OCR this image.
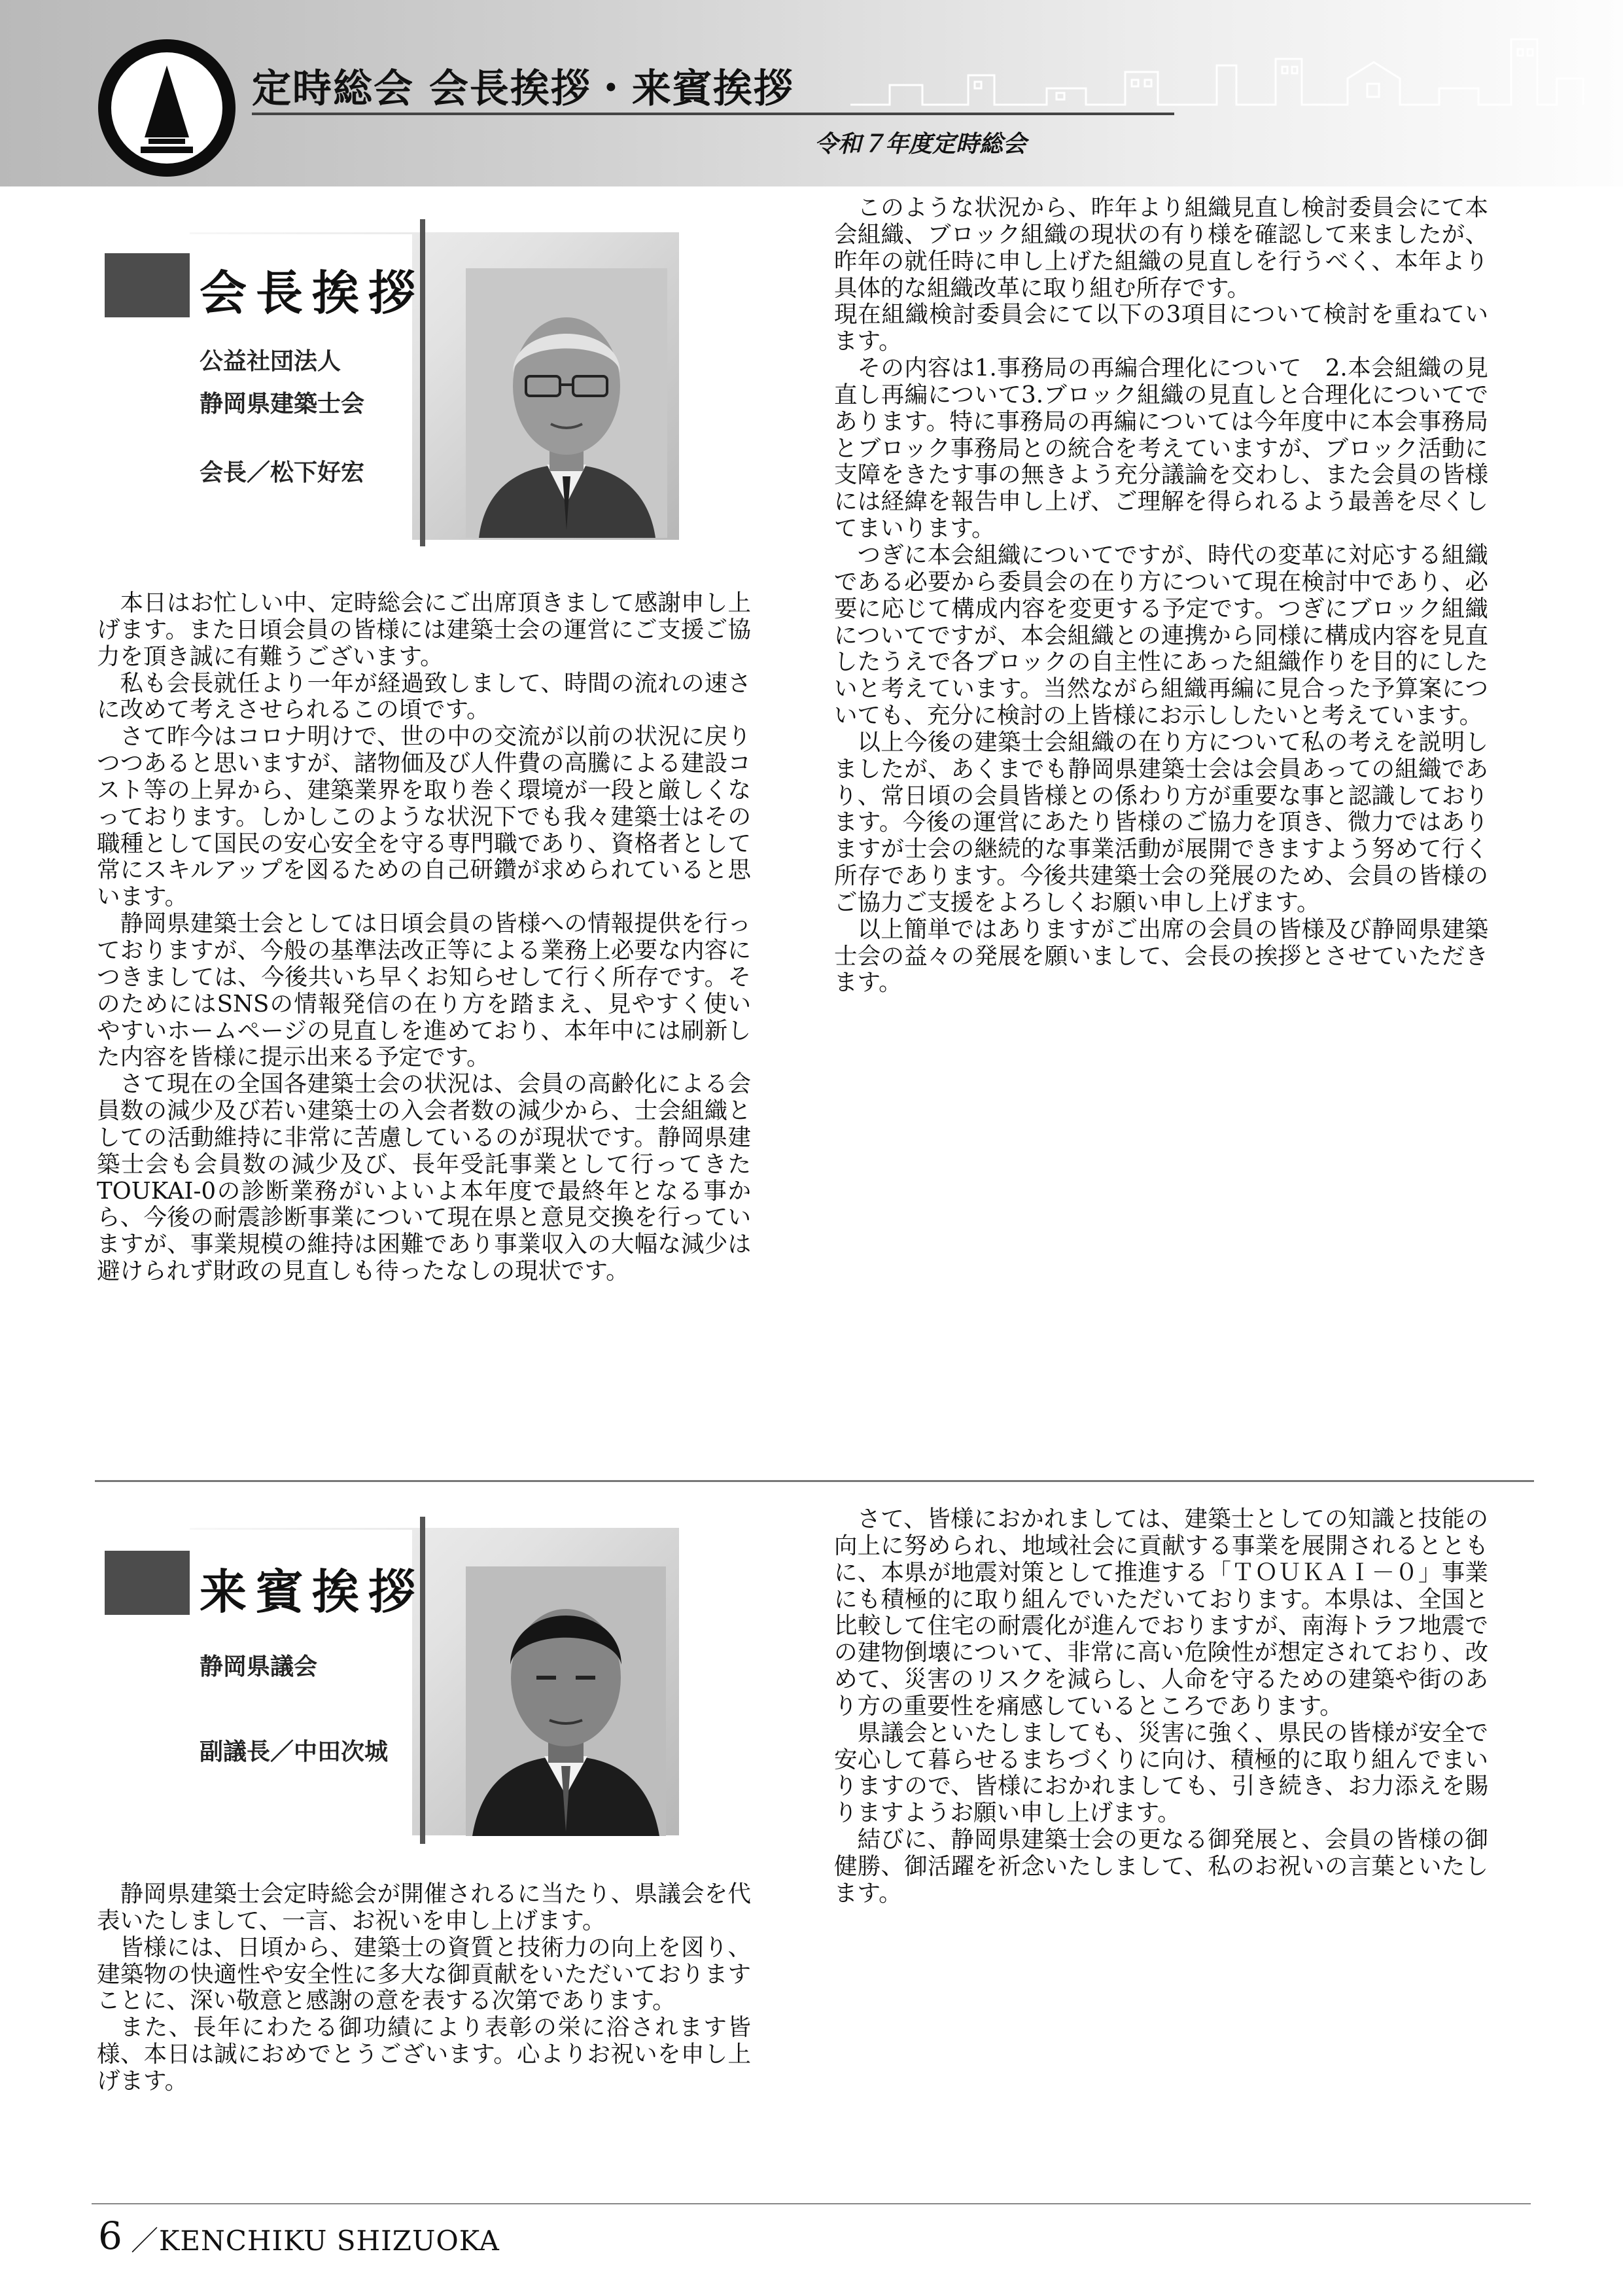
定時総会 会長挨拶・来賓挨拶
令和７年度定時総会
会長挨拶
公益社団法人
静岡県建築士会
会長／松下好宏

本日はお忙しい中、定時総会にご出席頂きまして感謝申し上げます。また日頃会員の皆様には建築士会の運営にご支援ご協力を頂き誠に有難うございます。

私も会長就任より一年が経過致しまして、時間の流れの速さに改めて考えさせられるこの頃です。

さて昨今はコロナ明けで、世の中の交流が以前の状況に戻りつつあると思いますが、諸物価及び人件費の高騰による建設コスト等の上昇から、建築業界を取り巻く環境が一段と厳しくなっております。しかしこのような状況下でも我々建築士はその職種として国民の安心安全を守る専門職であり、資格者として常にスキルアップを図るための自己研鑽が求められていると思います。

静岡県建築士会としては日頃会員の皆様への情報提供を行っておりますが、今般の基準法改正等による業務上必要な内容につきましては、今後共いち早くお知らせして行く所存です。そのためにはSNSの情報発信の在り方を踏まえ、見やすく使いやすいホームページの見直しを進めており、本年中には刷新した内容を皆様に提示出来る予定です。

さて現在の全国各建築士会の状況は、会員の高齢化による会員数の減少及び若い建築士の入会者数の減少から、士会組織としての活動維持に非常に苦慮しているのが現状です。静岡県建築士会も会員数の減少及び、長年受託事業として行ってきたTOUKAI-0の診断業務がいよいよ本年度で最終年となる事から、今後の耐震診断事業について現在県と意見交換を行っていますが、事業規模の維持は困難であり事業収入の大幅な減少は避けられず財政の見直しも待ったなしの現状です。

このような状況から、昨年より組織見直し検討委員会にて本会組織、ブロック組織の現状の有り様を確認して来ましたが、昨年の就任時に申し上げた組織の見直しを行うべく、本年より具体的な組織改革に取り組む所存です。

現在組織検討委員会にて以下の3項目について検討を重ねています。

その内容は1.事務局の再編合理化について　2.本会組織の見直し再編について3.ブロック組織の見直しと合理化についてであります。特に事務局の再編については今年度中に本会事務局とブロック事務局との統合を考えていますが、ブロック活動に支障をきたす事の無きよう充分議論を交わし、また会員の皆様には経緯を報告申し上げ、ご理解を得られるよう最善を尽くしてまいります。

つぎに本会組織についてですが、時代の変革に対応する組織である必要から委員会の在り方について現在検討中であり、必要に応じて構成内容を変更する予定です。つぎにブロック組織についてですが、本会組織との連携から同様に構成内容を見直したうえで各ブロックの自主性にあった組織作りを目的にしたいと考えています。当然ながら組織再編に見合った予算案についても、充分に検討の上皆様にお示ししたいと考えています。

以上今後の建築士会組織の在り方について私の考えを説明しましたが、あくまでも静岡県建築士会は会員あっての組織であり、常日頃の会員皆様との係わり方が重要な事と認識しております。今後の運営にあたり皆様のご協力を頂き、微力ではありますが士会の継続的な事業活動が展開できますよう努めて行く所存であります。今後共建築士会の発展のため、会員の皆様のご協力ご支援をよろしくお願い申し上げます。

以上簡単ではありますがご出席の会員の皆様及び静岡県建築士会の益々の発展を願いまして、会長の挨拶とさせていただきます。

来賓挨拶
静岡県議会
副議長／中田次城

静岡県建築士会定時総会が開催されるに当たり、県議会を代表いたしまして、一言、お祝いを申し上げます。

皆様には、日頃から、建築士の資質と技術力の向上を図り、建築物の快適性や安全性に多大な御貢献をいただいておりますことに、深い敬意と感謝の意を表する次第であります。

また、長年にわたる御功績により表彰の栄に浴されます皆様、本日は誠におめでとうございます。心よりお祝いを申し上げます。

さて、皆様におかれましては、建築士としての知識と技能の向上に努められ、地域社会に貢献する事業を展開されるとともに、本県が地震対策として推進する「ＴＯＵＫＡＩ－０」事業にも積極的に取り組んでいただいております。本県は、全国と比較して住宅の耐震化が進んでおりますが、南海トラフ地震での建物倒壊について、非常に高い危険性が想定されており、改めて、災害のリスクを減らし、人命を守るための建築や街のあり方の重要性を痛感しているところであります。

県議会といたしましても、災害に強く、県民の皆様が安全で安心して暮らせるまちづくりに向け、積極的に取り組んでまいりますので、皆様におかれましても、引き続き、お力添えを賜りますようお願い申し上げます。

結びに、静岡県建築士会の更なる御発展と、会員の皆様の御健勝、御活躍を祈念いたしまして、私のお祝いの言葉といたします。

6 ／KENCHIKU SHIZUOKA
